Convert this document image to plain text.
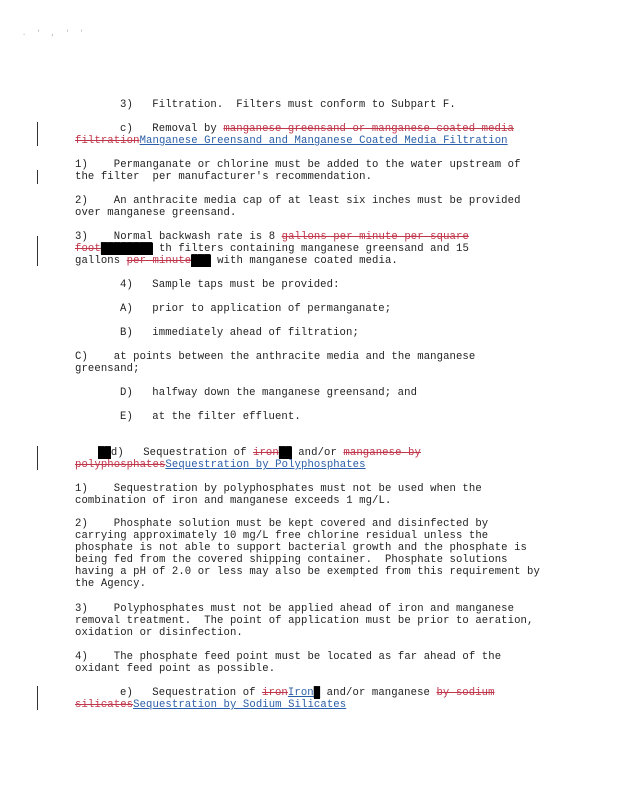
. ' , ' '
3)   Filtration.  Filters must conform to Subpart F.
c)   Removal by manganese greensand or manganese coated media
filtrationManganese Greensand and Manganese Coated Media Filtration
1)    Permanganate or chlorine must be added to the water upstream of
the filter  per manufacturer's recommendation.
2)    An anthracite media cap of at least six inches must be provided
over manganese greensand.
3)    Normal backwash rate is 8 gallons per minute per square
foot████████ th filters containing manganese greensand and 15
gallons per minute███ with manganese coated media.
4)   Sample taps must be provided:
A)   prior to application of permanganate;
B)   immediately ahead of filtration;
C)    at points between the anthracite media and the manganese
greensand;
D)   halfway down the manganese greensand; and
E)   at the filter effluent.
██d)   Sequestration of iron██ and/or manganese by
polyphosphatesSequestration by Polyphosphates
1)    Sequestration by polyphosphates must not be used when the
combination of iron and manganese exceeds 1 mg/L.
2)    Phosphate solution must be kept covered and disinfected by
carrying approximately 10 mg/L free chlorine residual unless the
phosphate is not able to support bacterial growth and the phosphate is
being fed from the covered shipping container.  Phosphate solutions
having a pH of 2.0 or less may also be exempted from this requirement by
the Agency.
3)    Polyphosphates must not be applied ahead of iron and manganese
removal treatment.  The point of application must be prior to aeration,
oxidation or disinfection.
4)    The phosphate feed point must be located as far ahead of the
oxidant feed point as possible.
e)   Sequestration of ironIron█ and/or manganese by sodium
silicatesSequestration by Sodium Silicates
